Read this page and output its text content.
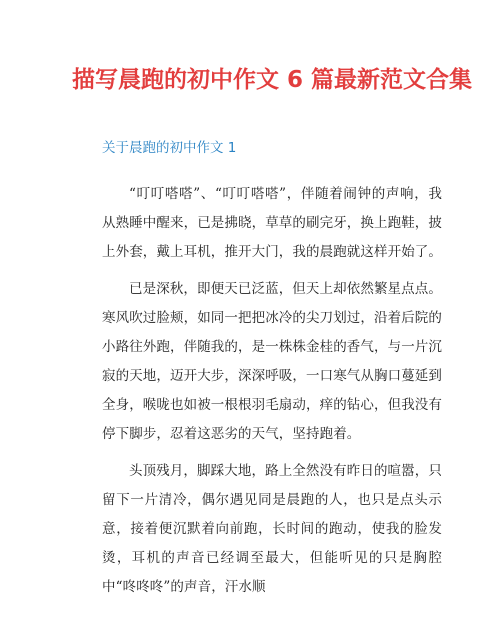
描写晨跑的初中作文 6 篇最新范文合集
关于晨跑的初中作文 1

“叮叮嗒嗒”、“叮叮嗒嗒”，伴随着闹钟的声响，我从熟睡中醒来，已是拂晓，草草的刷完牙，换上跑鞋，披上外套，戴上耳机，推开大门，我的晨跑就这样开始了。

已是深秋，即便天已泛蓝，但天上却依然繁星点点。寒风吹过脸颊，如同一把把冰冷的尖刀划过，沿着后院的小路往外跑，伴随我的，是一株株金桂的香气，与一片沉寂的天地，迈开大步，深深呼吸，一口寒气从胸口蔓延到全身，喉咙也如被一根根羽毛扇动，痒的钻心，但我没有停下脚步，忍着这恶劣的天气，坚持跑着。

头顶残月，脚踩大地，路上全然没有昨日的喧嚣，只留下一片清冷，偶尔遇见同是晨跑的人，也只是点头示意，接着便沉默着向前跑，长时间的跑动，使我的脸发烫，耳机的声音已经调至最大，但能听见的只是胸腔中“咚咚咚”的声音，汗水顺
